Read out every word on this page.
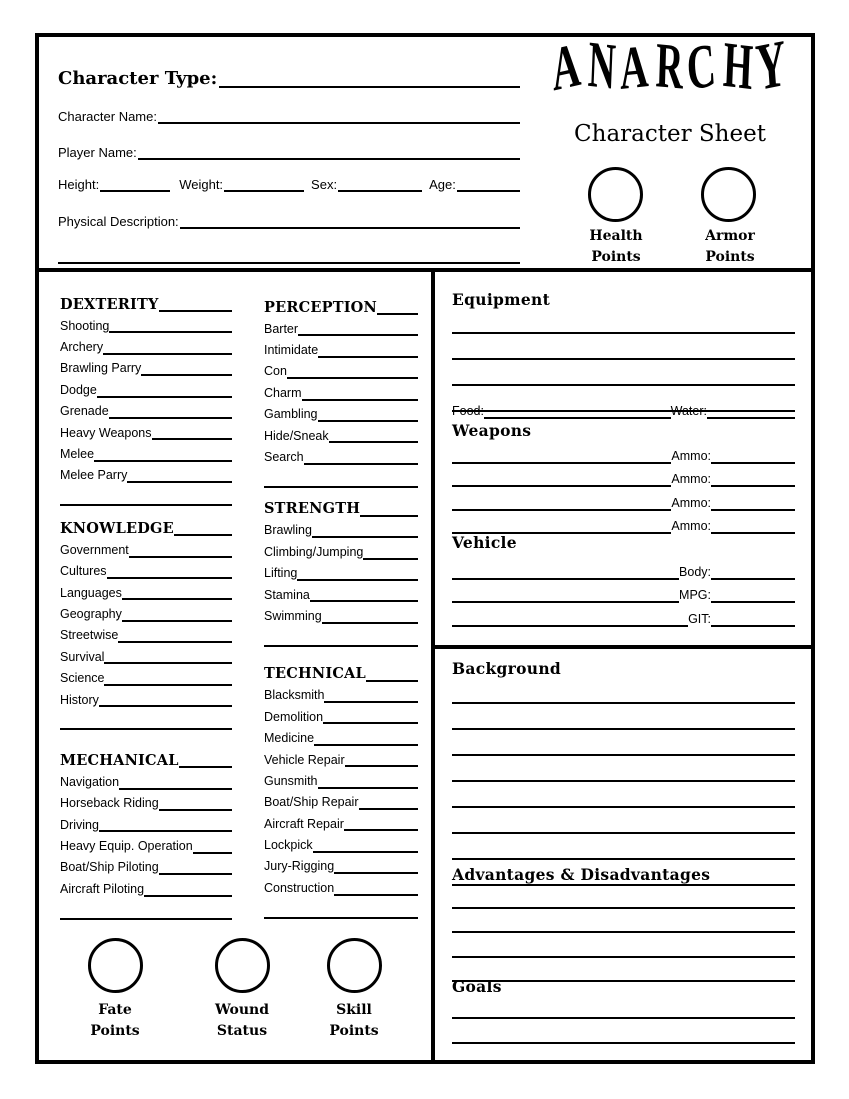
Character Type:
Character Name:
Player Name:
Height:	Weight:	Sex:	Age:
Physical Description:
ANA RC HY
Character Sheet
Health
Points
Armor
Points
DEXTERITY
Shooting
Archery
Brawling Parry
Dodge
Grenade
Heavy Weapons
Melee
Melee Parry
KNOWLEDGE
Government
Cultures
Languages
Geography
Streetwise
Survival
Science
History
MECHANICAL
Navigation
Horseback Riding
Driving
Heavy Equip. Operation
Boat/Ship Piloting
Aircraft Piloting
PERCEPTION
Barter
Intimidate
Con
Charm
Gambling
Hide/Sneak
Search
STRENGTH
Brawling
Climbing/Jumping
Lifting
Stamina
Swimming
TECHNICAL
Blacksmith
Demolition
Medicine
Vehicle Repair
Gunsmith
Boat/Ship Repair
Aircraft Repair
Lockpick
Jury-Rigging
Construction
Fate
Points
Wound
Status
Skill
Points
Equipment
Food:	Water:
Weapons
Ammo:
Ammo:
Ammo:
Ammo:
Vehicle
Body:
MPG:
GIT:
Background
Advantages & Disadvantages
Goals
